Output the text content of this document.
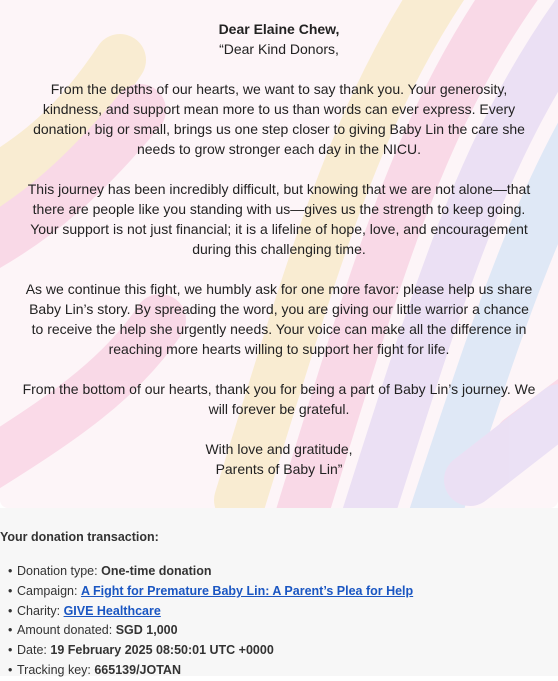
Dear Elaine Chew,

“Dear Kind Donors,

From the depths of our hearts, we want to say thank you. Your generosity, kindness, and support mean more to us than words can ever express. Every donation, big or small, brings us one step closer to giving Baby Lin the care she needs to grow stronger each day in the NICU.

This journey has been incredibly difficult, but knowing that we are not alone—that there are people like you standing with us—gives us the strength to keep going. Your support is not just financial; it is a lifeline of hope, love, and encouragement during this challenging time.

As we continue this fight, we humbly ask for one more favor: please help us share Baby Lin’s story. By spreading the word, you are giving our little warrior a chance to receive the help she urgently needs. Your voice can make all the difference in reaching more hearts willing to support her fight for life.

From the bottom of our hearts, thank you for being a part of Baby Lin’s journey. We will forever be grateful.

With love and gratitude,
Parents of Baby Lin”
Your donation transaction:
• Donation type: One-time donation
• Campaign: A Fight for Premature Baby Lin: A Parent’s Plea for Help
• Charity: GIVE Healthcare
• Amount donated: SGD 1,000
• Date: 19 February 2025 08:50:01 UTC +0000
• Tracking key: 665139/JOTAN
